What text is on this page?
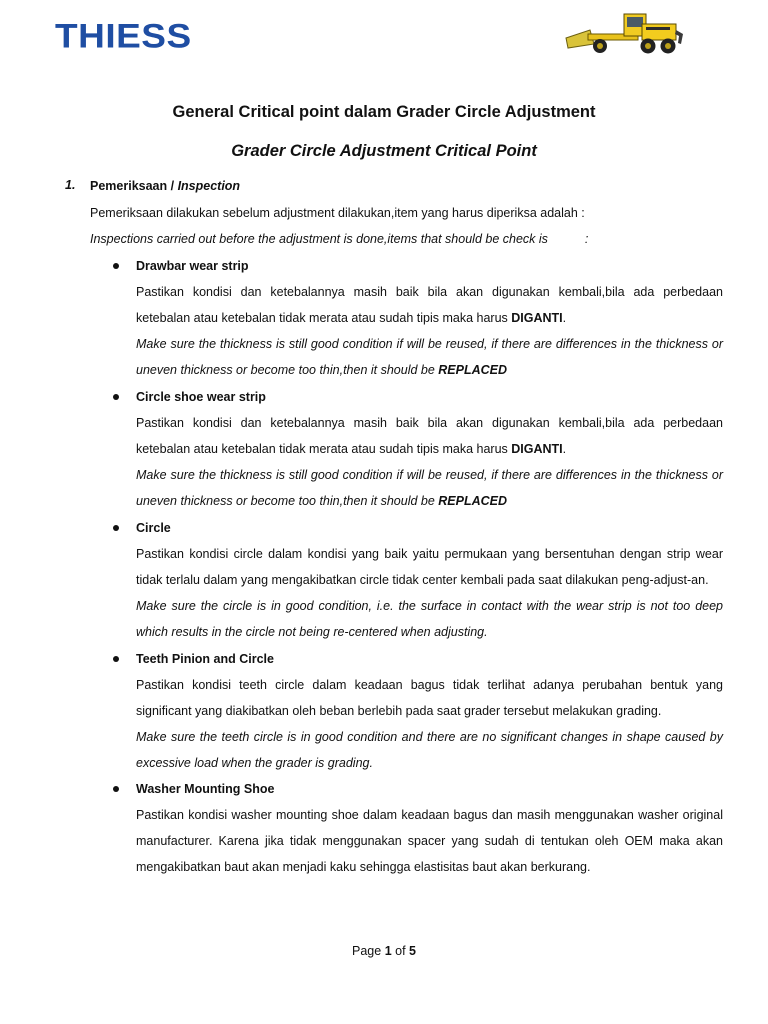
THIESS
General Critical point dalam Grader Circle Adjustment
Grader Circle Adjustment Critical Point
1. Pemeriksaan / Inspection
Pemeriksaan dilakukan sebelum adjustment dilakukan,item yang harus diperiksa adalah :
Inspections carried out before the adjustment is done,items that should be check is	:
Drawbar wear strip
Pastikan kondisi dan ketebalannya masih baik bila akan digunakan kembali,bila ada perbedaan
ketebalan atau ketebalan tidak merata atau sudah tipis maka harus DIGANTI.
Make sure the thickness is still good condition if will be reused, if there are differences in the thickness or
uneven thickness or become too thin,then it should be REPLACED
Circle shoe wear strip
Pastikan kondisi dan ketebalannya masih baik bila akan digunakan kembali,bila ada perbedaan
ketebalan atau ketebalan tidak merata atau sudah tipis maka harus DIGANTI.
Make sure the thickness is still good condition if will be reused, if there are differences in the thickness or
uneven thickness or become too thin,then it should be REPLACED
Circle
Pastikan kondisi circle dalam kondisi yang baik yaitu permukaan yang bersentuhan dengan strip wear
tidak terlalu dalam yang mengakibatkan circle tidak center kembali pada saat dilakukan peng-adjust-an.
Make sure the circle is in good condition, i.e. the surface in contact with the wear strip is not too deep
which results in the circle not being re-centered when adjusting.
Teeth Pinion and Circle
Pastikan kondisi teeth circle dalam keadaan bagus tidak terlihat adanya perubahan bentuk yang
significant yang diakibatkan oleh beban berlebih pada saat grader tersebut melakukan grading.
Make sure the teeth circle is in good condition and there are no significant changes in shape caused by
excessive load when the grader is grading.
Washer Mounting Shoe
Pastikan kondisi washer mounting shoe dalam keadaan bagus dan masih menggunakan washer original
manufacturer. Karena jika tidak menggunakan spacer yang sudah di tentukan oleh OEM maka akan
mengakibatkan baut akan menjadi kaku sehingga elastisitas baut akan berkurang.
Page 1 of 5
